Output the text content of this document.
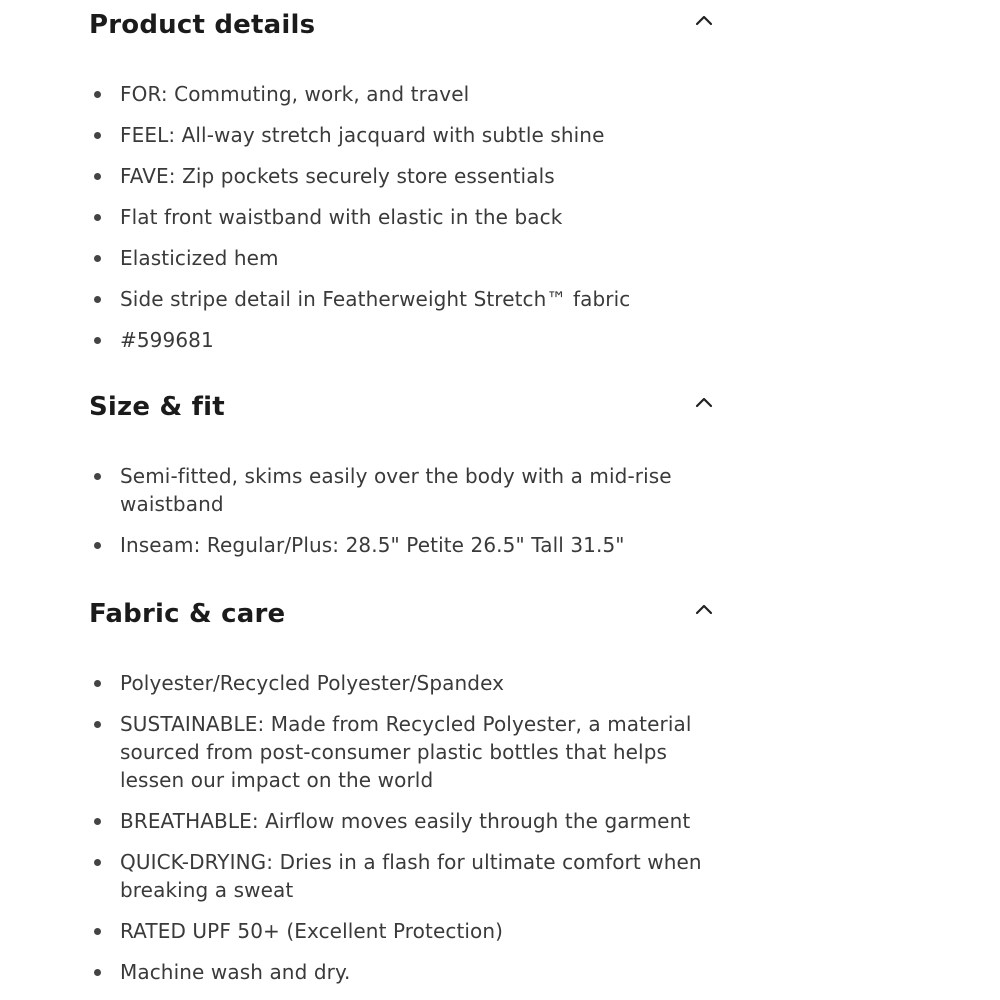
Product details
FOR: Commuting, work, and travel
FEEL: All-way stretch jacquard with subtle shine
FAVE: Zip pockets securely store essentials
Flat front waistband with elastic in the back
Elasticized hem
Side stripe detail in Featherweight Stretch™ fabric
#599681
Size & fit
Semi-fitted, skims easily over the body with a mid-rise waistband
Inseam: Regular/Plus: 28.5" Petite 26.5" Tall 31.5"
Fabric & care
Polyester/Recycled Polyester/Spandex
SUSTAINABLE: Made from Recycled Polyester, a material sourced from post-consumer plastic bottles that helps lessen our impact on the world
BREATHABLE: Airflow moves easily through the garment
QUICK-DRYING: Dries in a flash for ultimate comfort when breaking a sweat
RATED UPF 50+ (Excellent Protection)
Machine wash and dry.
